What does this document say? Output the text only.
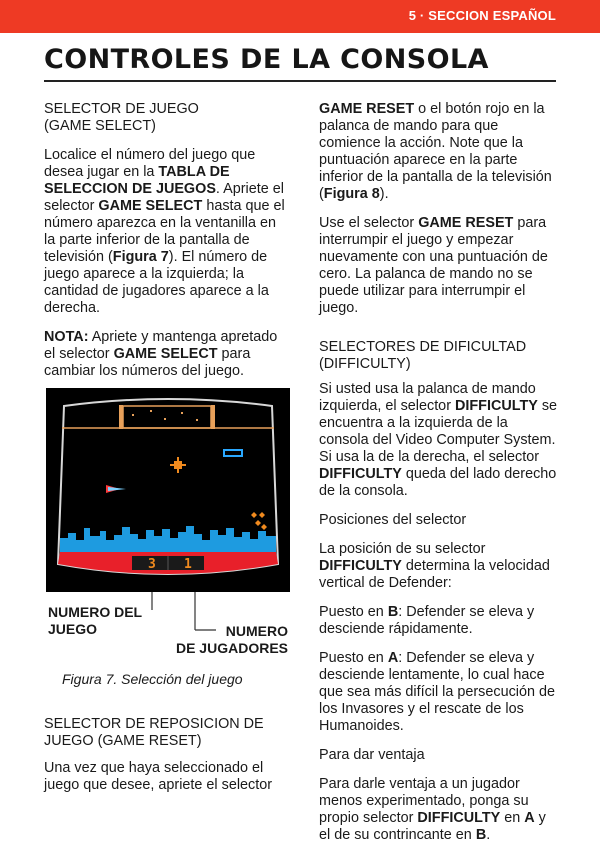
5 · SECCION ESPAÑOL
CONTROLES DE LA CONSOLA
SELECTOR DE JUEGO
(GAME SELECT)

Localice el número del juego que desea jugar en la TABLA DE SELECCION DE JUEGOS. Apriete el selector GAME SELECT hasta que el número aparezca en la ventanilla en la parte inferior de la pantalla de televisión (Figura 7). El número de juego aparece a la izquierda; la cantidad de jugadores aparece a la derecha.

NOTA: Apriete y mantenga apretado el selector GAME SELECT para cambiar los números del juego.

3 1
NUMERO DEL
JUEGO	NUMERO
DE JUGADORES
Figura 7. Selección del juego
SELECTOR DE REPOSICION DE
JUEGO (GAME RESET)

Una vez que haya seleccionado el juego que desee, apriete el selector

GAME RESET o el botón rojo en la palanca de mando para que comience la acción. Note que la puntuación aparece en la parte inferior de la pantalla de la televisión (Figura 8).

Use el selector GAME RESET para interrumpir el juego y empezar nuevamente con una puntuación de cero. La palanca de mando no se puede utilizar para interrumpir el juego.

SELECTORES DE DIFICULTAD
(DIFFICULTY)

Si usted usa la palanca de mando izquierda, el selector DIFFICULTY se encuentra a la izquierda de la consola del Video Computer System. Si usa la de la derecha, el selector DIFFICULTY queda del lado derecho de la consola.

Posiciones del selector

La posición de su selector DIFFICULTY determina la velocidad vertical de Defender:

Puesto en B: Defender se eleva y desciende rápidamente.

Puesto en A: Defender se eleva y desciende lentamente, lo cual hace que sea más difícil la persecución de los Invasores y el rescate de los Humanoides.

Para dar ventaja

Para darle ventaja a un jugador menos experimentado, ponga su propio selector DIFFICULTY en A y el de su contrincante en B.
